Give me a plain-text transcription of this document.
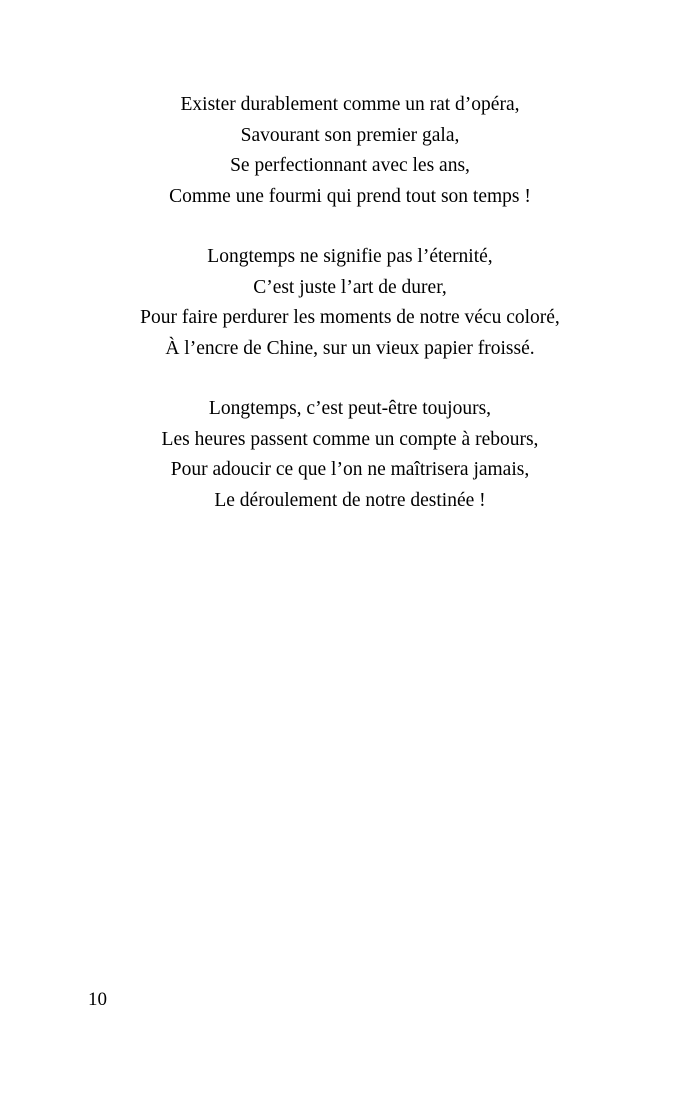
Exister durablement comme un rat d’opéra,
Savourant son premier gala,
Se perfectionnant avec les ans,
Comme une fourmi qui prend tout son temps !
Longtemps ne signifie pas l’éternité,
C’est juste l’art de durer,
Pour faire perdurer les moments de notre vécu coloré,
À l’encre de Chine, sur un vieux papier froissé.
Longtemps, c’est peut-être toujours,
Les heures passent comme un compte à rebours,
Pour adoucir ce que l’on ne maîtrisera jamais,
Le déroulement de notre destinée !
10
